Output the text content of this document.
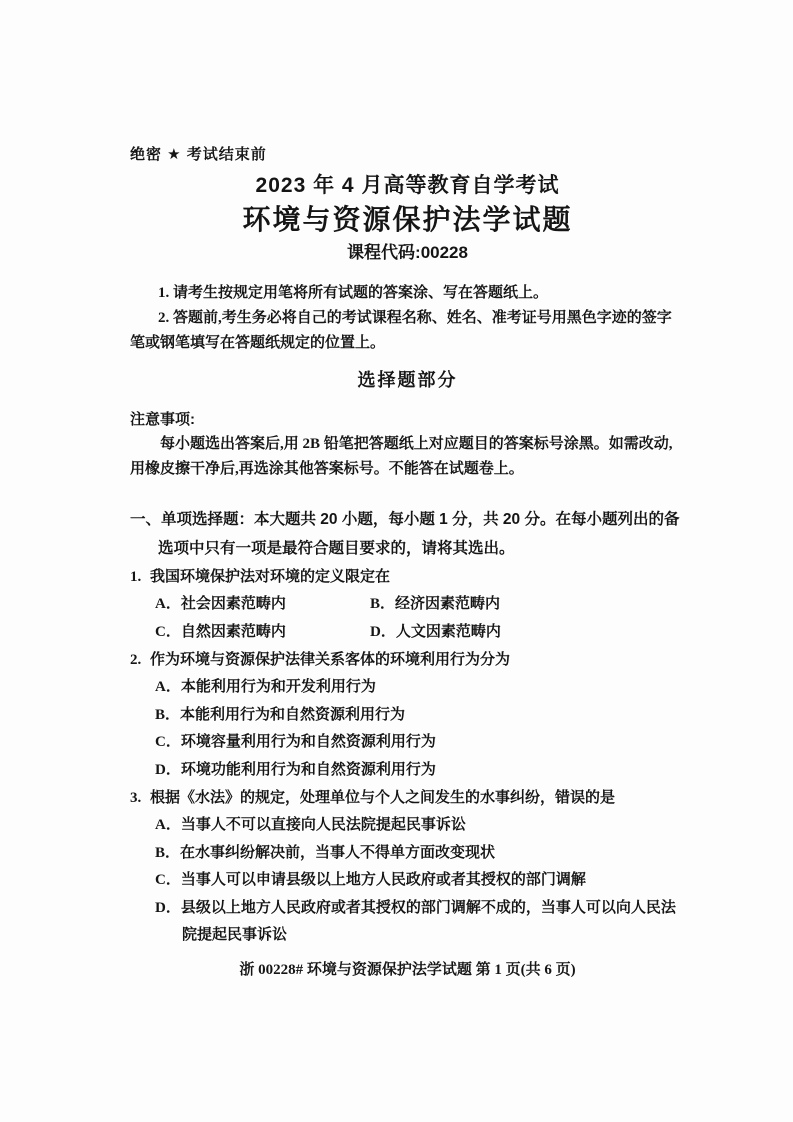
绝密 ★ 考试结束前
2023 年 4 月高等教育自学考试
环境与资源保护法学试题
课程代码:00228

1. 请考生按规定用笔将所有试题的答案涂、写在答题纸上。

2. 答题前,考生务必将自己的考试课程名称、姓名、准考证号用黑色字迹的签字笔或钢笔填写在答题纸规定的位置上。

选择题部分
注意事项:

每小题选出答案后,用 2B 铅笔把答题纸上对应题目的答案标号涂黑。如需改动,用橡皮擦干净后,再选涂其他答案标号。不能答在试题卷上。

一、单项选择题：本大题共 20 小题，每小题 1 分，共 20 分。在每小题列出的备选项中只有一项是最符合题目要求的，请将其选出。
1. 我国环境保护法对环境的定义限定在
A．社会因素范畴内	B．经济因素范畴内
C．自然因素范畴内	D．人文因素范畴内
2. 作为环境与资源保护法律关系客体的环境利用行为分为
A．本能利用行为和开发利用行为
B．本能利用行为和自然资源利用行为
C．环境容量利用行为和自然资源利用行为
D．环境功能利用行为和自然资源利用行为
3. 根据《水法》的规定，处理单位与个人之间发生的水事纠纷，错误的是
A．当事人不可以直接向人民法院提起民事诉讼
B．在水事纠纷解决前，当事人不得单方面改变现状
C．当事人可以申请县级以上地方人民政府或者其授权的部门调解
D．县级以上地方人民政府或者其授权的部门调解不成的，当事人可以向人民法院提起民事诉讼
浙 00228# 环境与资源保护法学试题 第 1 页(共 6 页)
